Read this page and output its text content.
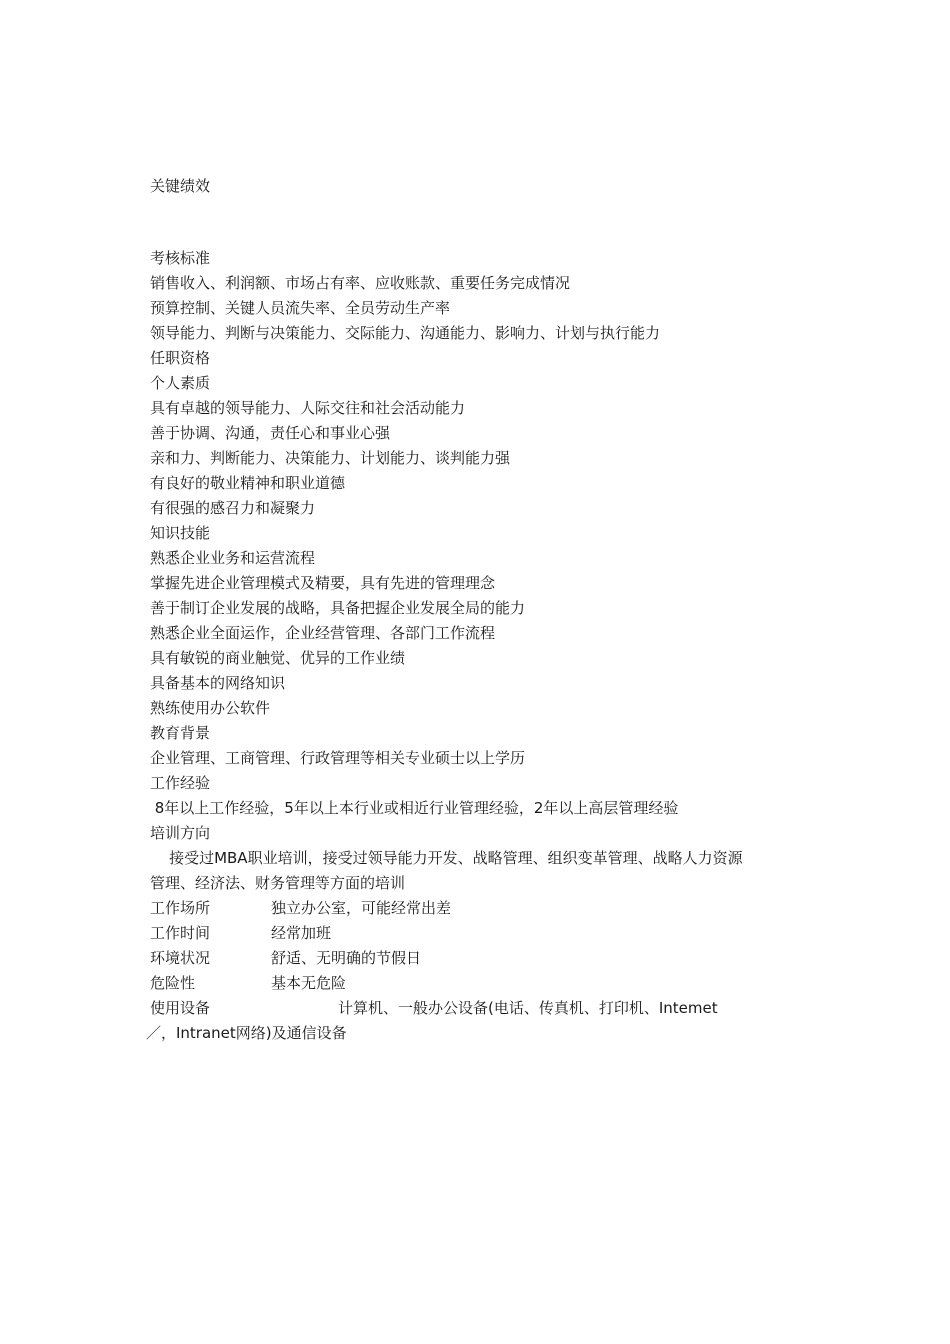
关键绩效
考核标准
销售收入、利润额、市场占有率、应收账款、重要任务完成情况
预算控制、关键人员流失率、全员劳动生产率
领导能力、判断与决策能力、交际能力、沟通能力、影响力、计划与执行能力
任职资格
个人素质
具有卓越的领导能力、人际交往和社会活动能力
善于协调、沟通，责任心和事业心强
亲和力、判断能力、决策能力、计划能力、谈判能力强
有良好的敬业精神和职业道德
有很强的感召力和凝聚力
知识技能
熟悉企业业务和运营流程
掌握先进企业管理模式及精要，具有先进的管理理念
善于制订企业发展的战略，具备把握企业发展全局的能力
熟悉企业全面运作，企业经营管理、各部门工作流程
具有敏锐的商业触觉、优异的工作业绩
具备基本的网络知识
熟练使用办公软件
教育背景
企业管理、工商管理、行政管理等相关专业硕士以上学历
工作经验
8年以上工作经验，5年以上本行业或相近行业管理经验，2年以上高层管理经验
培训方向
接受过MBA职业培训，接受过领导能力开发、战略管理、组织变革管理、战略人力资源
管理、经济法、财务管理等方面的培训
工作场所	独立办公室，可能经常出差
工作时间	经常加班
环境状况	舒适、无明确的节假日
危险性	基本无危险
使用设备	计算机、一般办公设备(电话、传真机、打印机、Intemet
／，Intranet网络)及通信设备
